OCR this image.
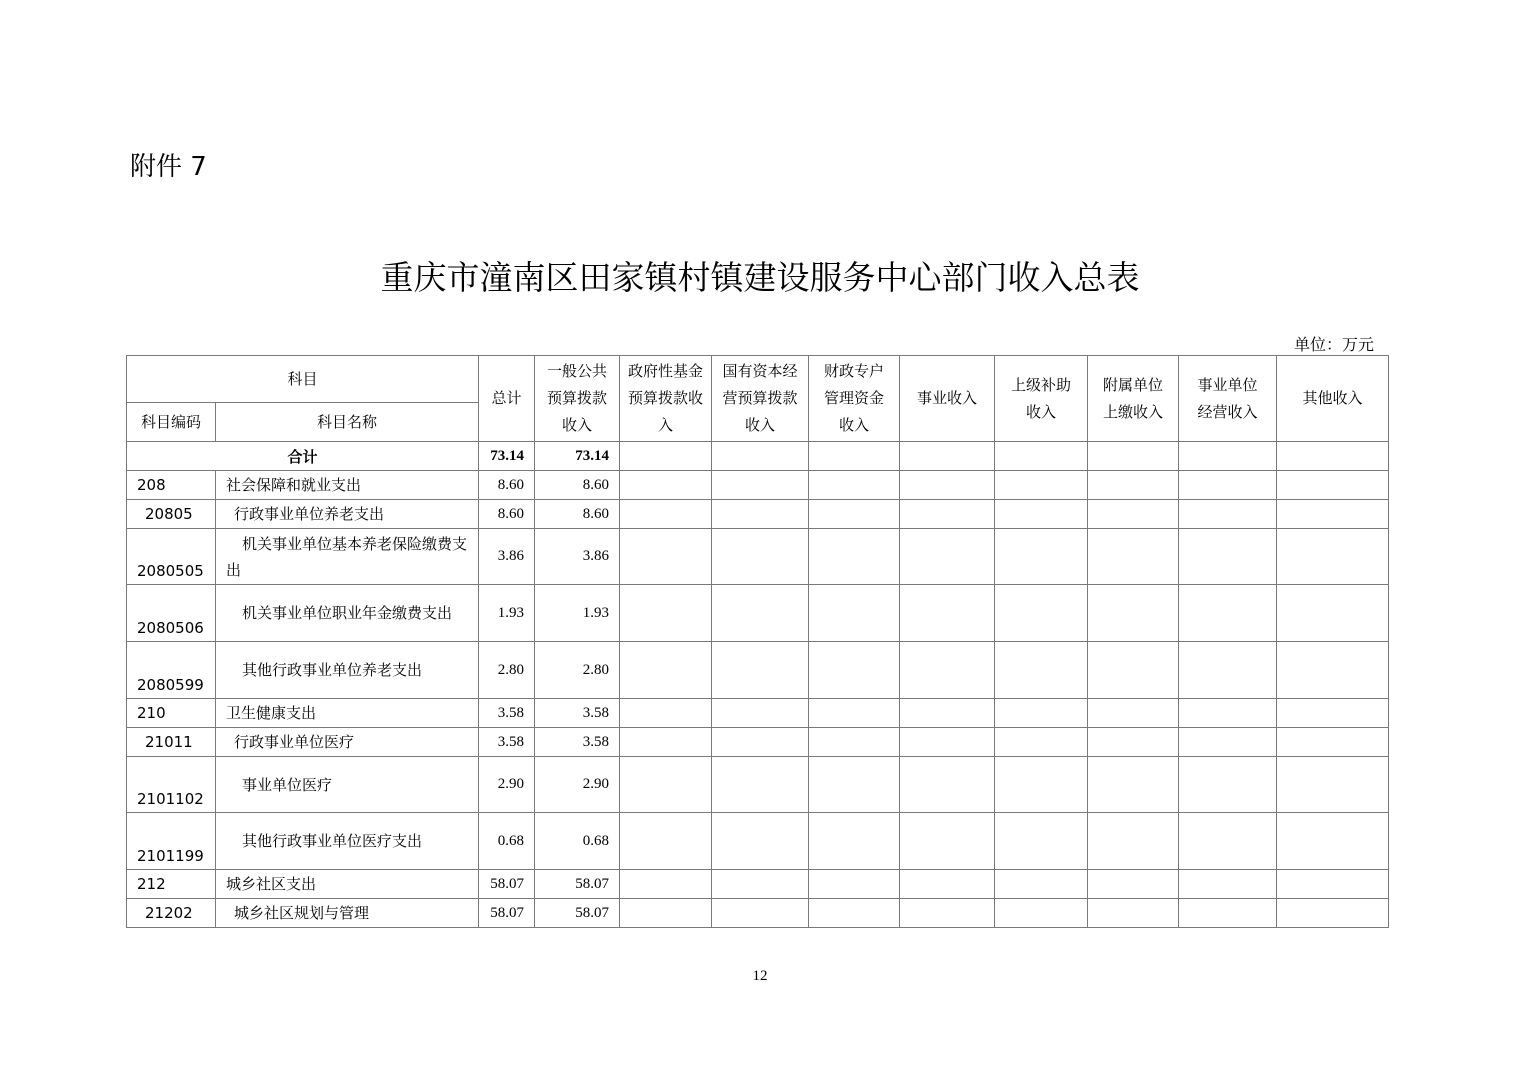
附件 7
重庆市潼南区田家镇村镇建设服务中心部门收入总表
单位：万元
科目		总计	一般公共预算拨款收入	政府性基金预算拨款收入	国有资本经营预算拨款收入	财政专户管理资金收入	事业收入	上级补助收入	附属单位上缴收入	事业单位经营收入	其他收入
科目编码	科目名称										
合计		73.14	73.14								
208	社会保障和就业支出	8.60	8.60								
20805	行政事业单位养老支出	8.60	8.60								
2080505	机关事业单位基本养老保险缴费支出	3.86	3.86								
2080506	机关事业单位职业年金缴费支出	1.93	1.93								
2080599	其他行政事业单位养老支出	2.80	2.80								
210	卫生健康支出	3.58	3.58								
21011	行政事业单位医疗	3.58	3.58								
2101102	事业单位医疗	2.90	2.90								
2101199	其他行政事业单位医疗支出	0.68	0.68								
212	城乡社区支出	58.07	58.07								
21202	城乡社区规划与管理	58.07	58.07								
12
